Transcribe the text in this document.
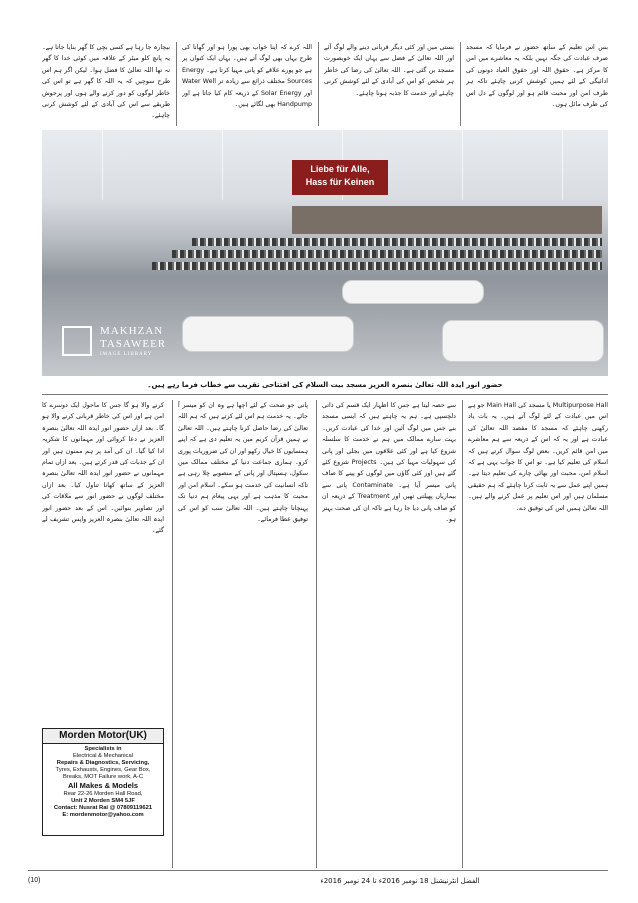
بیچارہ جا رہا ہے کسی بچی کا گھر بنایا جاتا ہے۔ یہ پانچ کلو میٹر کے علاقہ میں کوئی خدا کا گھر نہ تھا اللہ تعالیٰ کا فضل ہوا۔ لیکن اگر ہم اس طرح سوچیں کہ یہ اللہ کا گھر ہے تو اس کی خاطر لوگوں کو دور کرنے والے ہوں اور پرجوش طریقے سے اس کی آبادی کے لئے کوشش کرنی چاہئے۔

اللہ کرے کہ اپنا خواب بھی پورا ہو اور گھانا کی طرح یہاں بھی لوگ آتے ہیں۔ یہاں ایک کنواں پر ہے جو پورے علاقے کو پانی مہیا کرتا ہے۔ Energy Sources مختلف ذرائع سے زیادہ تر Water Well اور Solar Energy کے ذریعہ کام کیا جاتا ہے اور Handpump بھی لگائے ہیں۔

بستی میں اور کئی دیگر قربانی دینے والے لوگ آئے اور اللہ تعالیٰ کے فضل سے یہاں ایک خوبصورت مسجد بن گئی ہے۔ اللہ تعالیٰ کی رضا کی خاطر ہر شخص کو اس کی آبادی کے لئے کوشش کرنی چاہئے اور خدمت کا جذبہ ہونا چاہئے۔

بس اس تعلیم کے ساتھ حضور نے فرمایا کہ مسجد صرف عبادت کی جگہ نہیں بلکہ یہ معاشرے میں امن کا مرکز ہے۔ حقوق اللہ اور حقوق العباد دونوں کی ادائیگی کے لئے ہمیں کوشش کرنی چاہئے تاکہ ہر طرف امن اور محبت قائم ہو اور لوگوں کے دل اس کی طرف مائل ہوں۔

Liebe für Alle,
Hass für Keinen
MAKHZAN
TASAWEER
IMAGE LIBRARY
حضور انور ایدہ اللہ تعالیٰ بنصرہ العزیز مسجد بیت السلام کی افتتاحی تقریب سے خطاب فرما رہے ہیں۔

کرنے والا ہو گا جس کا ماحول ایک دوسرے کا امن ہے اور اس کی خاطر قربانی کرنے والا ہو گا۔ بعد ازاں حضور انور ایدہ اللہ تعالیٰ بنصرہ العزیز نے دعا کروائی اور مہمانوں کا شکریہ ادا کیا گیا۔ ان کی آمد پر ہم ممنون ہیں اور ان کے جذبات کی قدر کرتے ہیں۔ بعد ازاں تمام مہمانوں نے حضور انور ایدہ اللہ تعالیٰ بنصرہ العزیز کے ساتھ کھانا تناول کیا۔ بعد ازاں مختلف لوگوں نے حضور انور سے ملاقات کی اور تصاویر بنوائیں۔ اس کے بعد حضور انور ایدہ اللہ تعالیٰ بنصرہ العزیز واپس تشریف لے گئے۔

پانی جو صحت کے لئے اچھا ہے وہ ان کو میسر آ جائے۔ یہ خدمت ہم اس لئے کرتے ہیں کہ ہم اللہ تعالیٰ کی رضا حاصل کرنا چاہتے ہیں۔ اللہ تعالیٰ نے ہمیں قرآن کریم میں یہ تعلیم دی ہے کہ اپنے ہمسایوں کا خیال رکھو اور ان کی ضروریات پوری کرو۔ ہماری جماعت دنیا کے مختلف ممالک میں سکول، ہسپتال اور پانی کے منصوبے چلا رہی ہے تاکہ انسانیت کی خدمت ہو سکے۔ اسلام امن اور محبت کا مذہب ہے اور یہی پیغام ہم دنیا تک پہنچانا چاہتے ہیں۔ اللہ تعالیٰ سب کو اس کی توفیق عطا فرمائے۔

سے حصہ لیتا ہے جس کا اظہار ایک قسم کی ذاتی دلچسپی ہے۔ ہم یہ چاہتے ہیں کہ ایسی مسجد بنے جس میں لوگ آئیں اور خدا کی عبادت کریں۔ بہت سارے ممالک میں ہم نے خدمت کا سلسلہ شروع کیا ہے اور کئی علاقوں میں بجلی اور پانی کی سہولیات مہیا کی ہیں۔ Projects شروع کئے گئے ہیں اور کئی گاؤں میں لوگوں کو پینے کا صاف پانی میسر آیا ہے۔ Contaminate پانی سے بیماریاں پھیلتی تھیں اور Treatment کے ذریعہ ان کو صاف پانی دیا جا رہا ہے تاکہ ان کی صحت بہتر ہو۔

Multipurpose Hall یا مسجد کی Main Hall جو ہے اس میں عبادت کے لئے لوگ آتے ہیں۔ یہ بات یاد رکھنی چاہئے کہ مسجد کا مقصد اللہ تعالیٰ کی عبادت ہے اور یہ کہ اس کے ذریعہ سے ہم معاشرے میں امن قائم کریں۔ بعض لوگ سوال کرتے ہیں کہ اسلام کی تعلیم کیا ہے۔ تو اس کا جواب یہی ہے کہ اسلام امن، محبت اور بھائی چارے کی تعلیم دیتا ہے۔ ہمیں اپنے عمل سے یہ ثابت کرنا چاہئے کہ ہم حقیقی مسلمان ہیں اور اس تعلیم پر عمل کرنے والے ہیں۔ اللہ تعالیٰ ہمیں اس کی توفیق دے۔

Morden Motor(UK)
Specialists in
Electrical & Mechanical
Repairs & Diagnostics, Servicing,
Tyres, Exhausts, Engines, Gear Box,
Breaks, MOT Failure work, A-C
All Makes & Models
Rear 22-26 Morden Hall Road,
Unit 2 Morden SM4 5JF
Contact: Nusrat Rai @ 07809119621
E: mordenmotor@yahoo.com
(10)	الفضل انٹرنیشنل 18 نومبر 2016ء تا 24 نومبر 2016ء
